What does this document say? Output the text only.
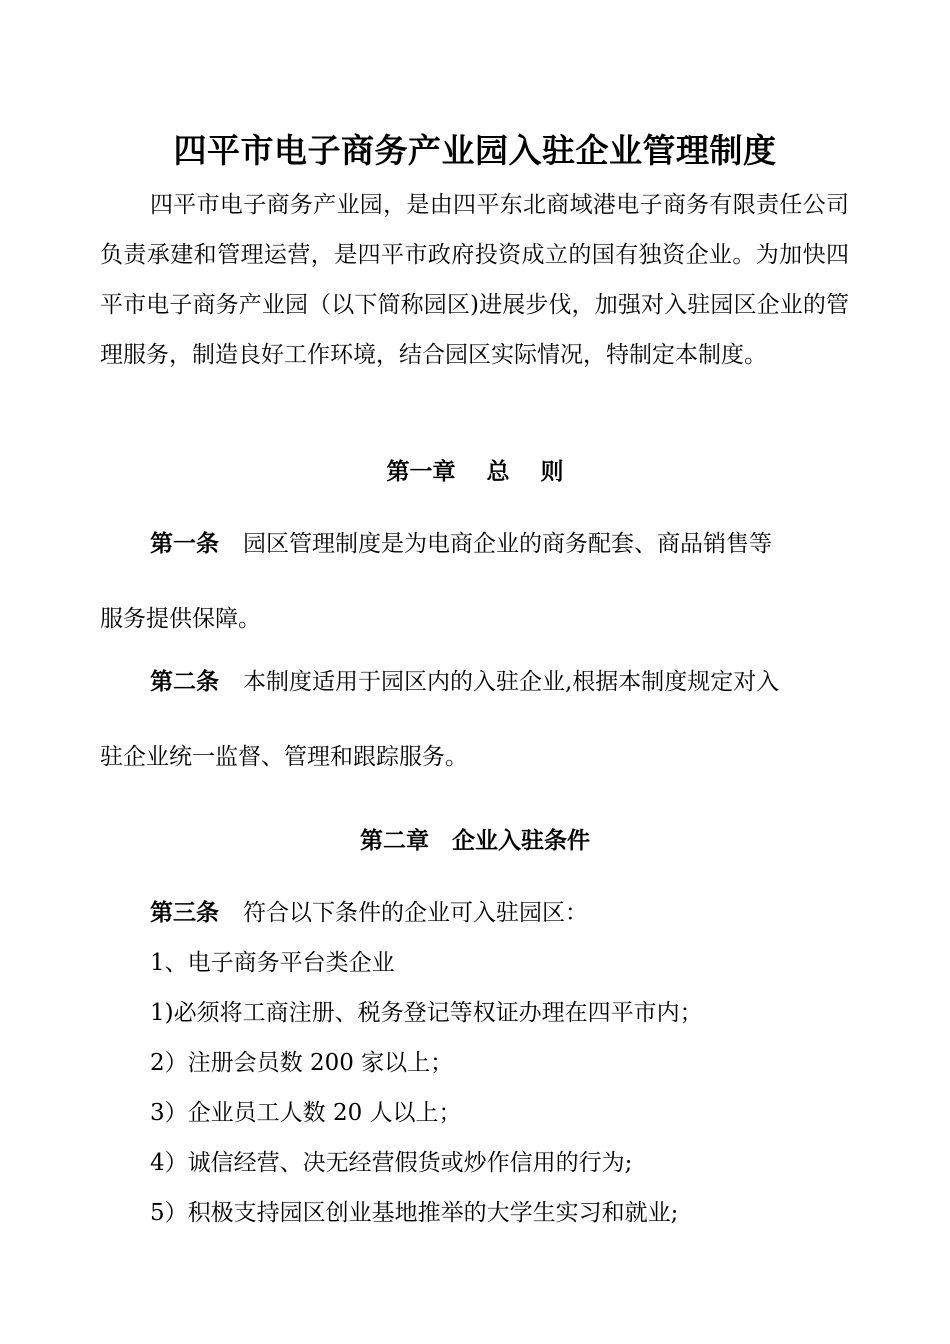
四平市电子商务产业园入驻企业管理制度

四平市电子商务产业园，是由四平东北商域港电子商务有限责任公司负责承建和管理运营，是四平市政府投资成立的国有独资企业。为加快四平市电子商务产业园（以下简称园区)进展步伐，加强对入驻园区企业的管理服务，制造良好工作环境，结合园区实际情况，特制定本制度。

第一章　 总 　则
第一条 园区管理制度是为电商企业的商务配套、商品销售等
服务提供保障。
第二条 本制度适用于园区内的入驻企业,根据本制度规定对入
驻企业统一监督、管理和跟踪服务。
第二章　企业入驻条件
第三条 符合以下条件的企业可入驻园区：
1、电子商务平台类企业
1)必须将工商注册、税务登记等权证办理在四平市内；
2）注册会员数 200 家以上；
3）企业员工人数 20 人以上；
4）诚信经营、决无经营假货或炒作信用的行为;
5）积极支持园区创业基地推举的大学生实习和就业;
